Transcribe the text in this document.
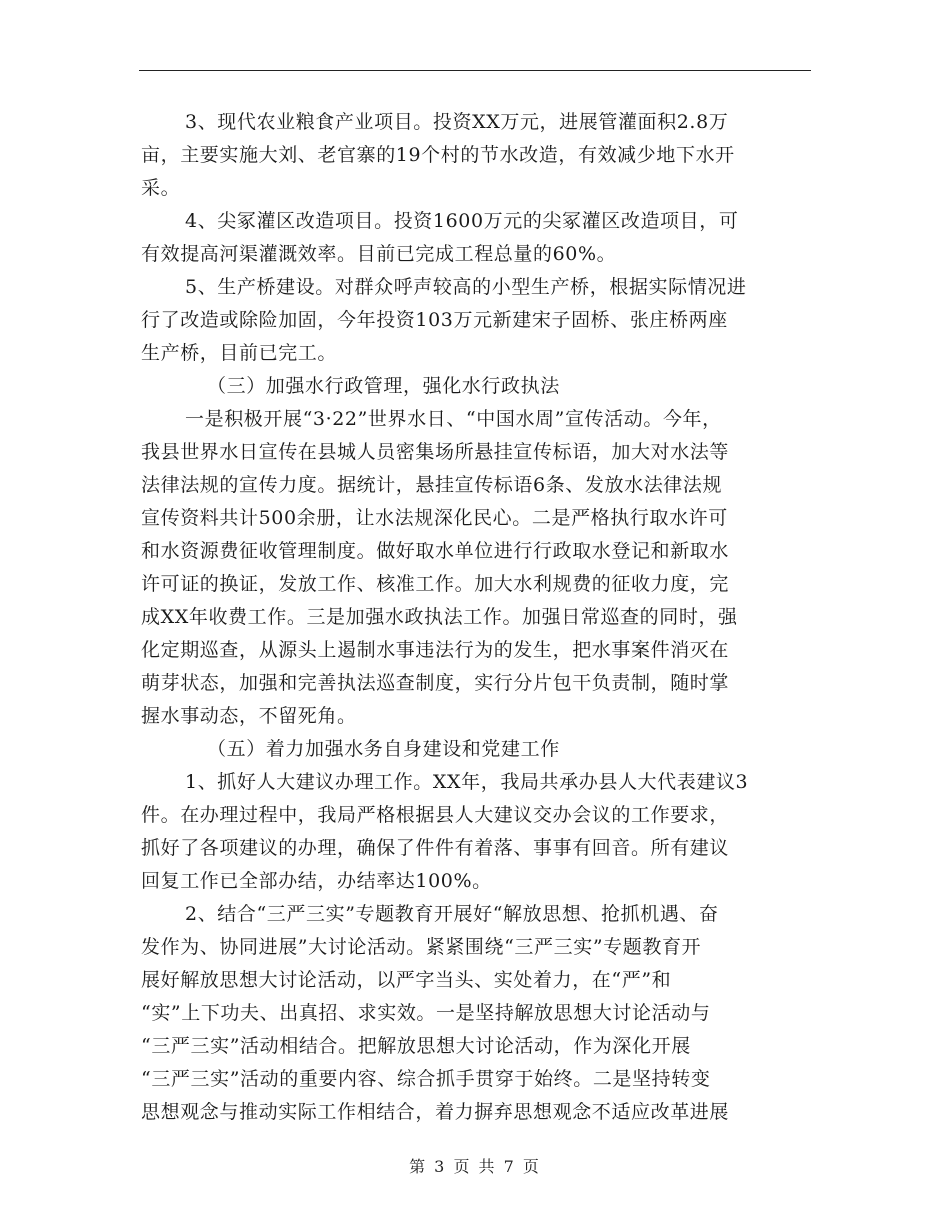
3、现代农业粮食产业项目。投资XX万元，进展管灌面积2.8万
亩，主要实施大刘、老官寨的19个村的节水改造，有效减少地下水开
采。
4、尖冢灌区改造项目。投资1600万元的尖冢灌区改造项目，可
有效提高河渠灌溉效率。目前已完成工程总量的60%。
5、生产桥建设。对群众呼声较高的小型生产桥，根据实际情况进
行了改造或除险加固，今年投资103万元新建宋子固桥、张庄桥两座
生产桥，目前已完工。
（三）加强水行政管理，强化水行政执法
一是积极开展“3·22”世界水日、“中国水周”宣传活动。今年，
我县世界水日宣传在县城人员密集场所悬挂宣传标语，加大对水法等
法律法规的宣传力度。据统计，悬挂宣传标语6条、发放水法律法规
宣传资料共计500余册，让水法规深化民心。二是严格执行取水许可
和水资源费征收管理制度。做好取水单位进行行政取水登记和新取水
许可证的换证，发放工作、核准工作。加大水利规费的征收力度，完
成XX年收费工作。三是加强水政执法工作。加强日常巡查的同时，强
化定期巡查，从源头上遏制水事违法行为的发生，把水事案件消灭在
萌芽状态，加强和完善执法巡查制度，实行分片包干负责制，随时掌
握水事动态，不留死角。
（五）着力加强水务自身建设和党建工作
1、抓好人大建议办理工作。XX年，我局共承办县人大代表建议3
件。在办理过程中，我局严格根据县人大建议交办会议的工作要求，
抓好了各项建议的办理，确保了件件有着落、事事有回音。所有建议
回复工作已全部办结，办结率达100%。
2、结合“三严三实”专题教育开展好“解放思想、抢抓机遇、奋
发作为、协同进展”大讨论活动。紧紧围绕“三严三实”专题教育开
展好解放思想大讨论活动，以严字当头、实处着力，在“严”和
“实”上下功夫、出真招、求实效。一是坚持解放思想大讨论活动与
“三严三实”活动相结合。把解放思想大讨论活动，作为深化开展
“三严三实”活动的重要内容、综合抓手贯穿于始终。二是坚持转变
思想观念与推动实际工作相结合，着力摒弃思想观念不适应改革进展
第 3 页 共 7 页
